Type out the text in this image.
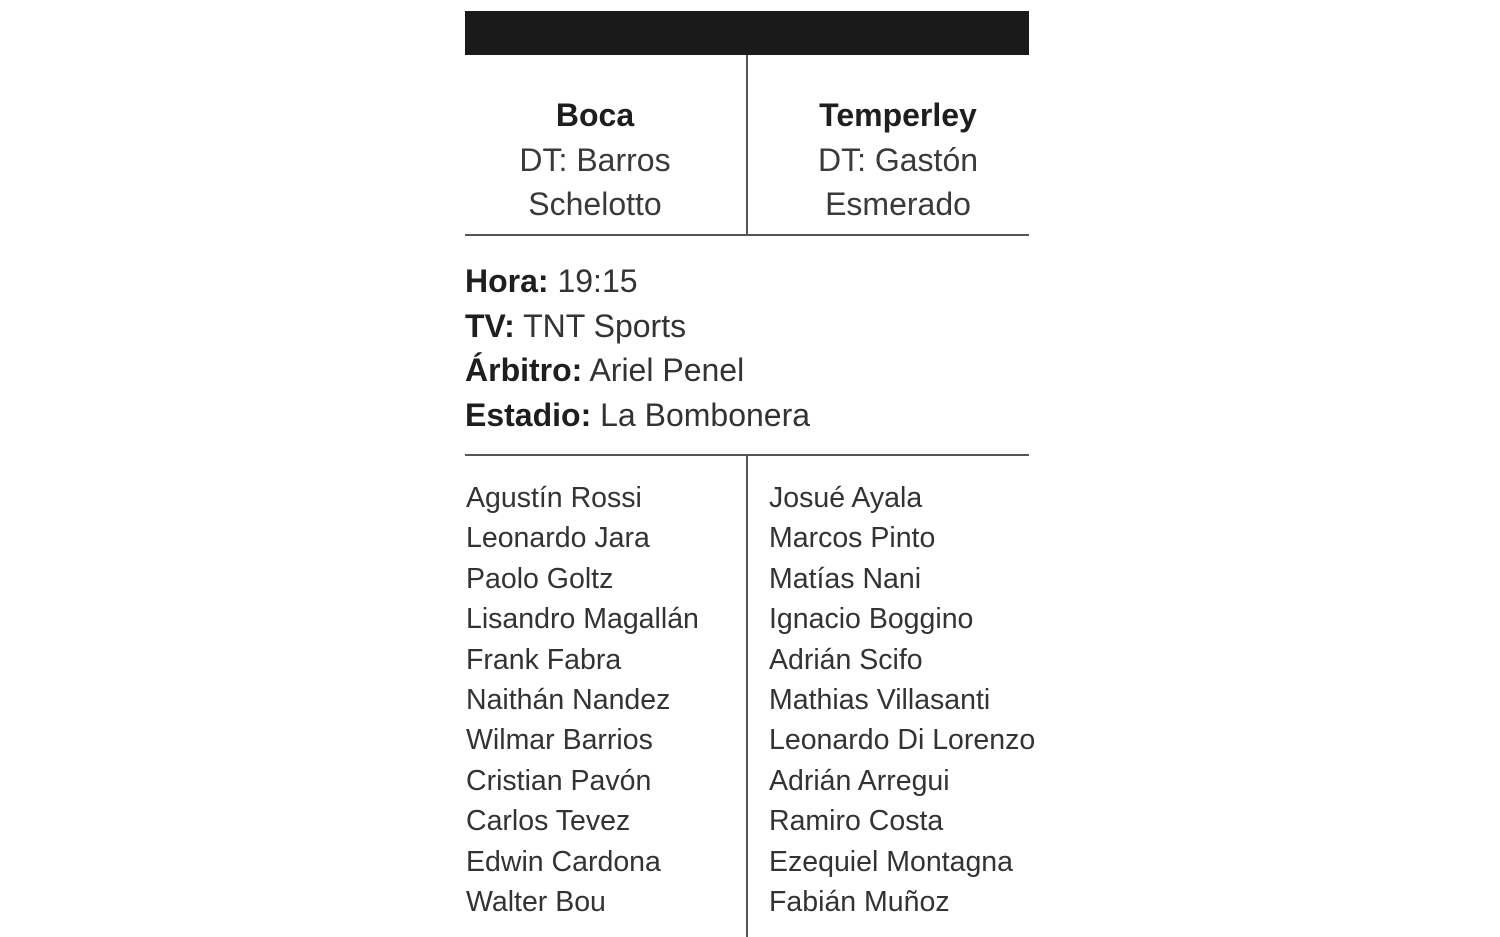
Boca
DT: Barros
Schelotto
Temperley
DT: Gastón
Esmerado
Hora: 19:15
TV: TNT Sports
Árbitro: Ariel Penel
Estadio: La Bombonera
Agustín Rossi
Leonardo Jara
Paolo Goltz
Lisandro Magallán
Frank Fabra
Naithán Nandez
Wilmar Barrios
Cristian Pavón
Carlos Tevez
Edwin Cardona
Walter Bou
Josué Ayala
Marcos Pinto
Matías Nani
Ignacio Boggino
Adrián Scifo
Mathias Villasanti
Leonardo Di Lorenzo
Adrián Arregui
Ramiro Costa
Ezequiel Montagna
Fabián Muñoz
